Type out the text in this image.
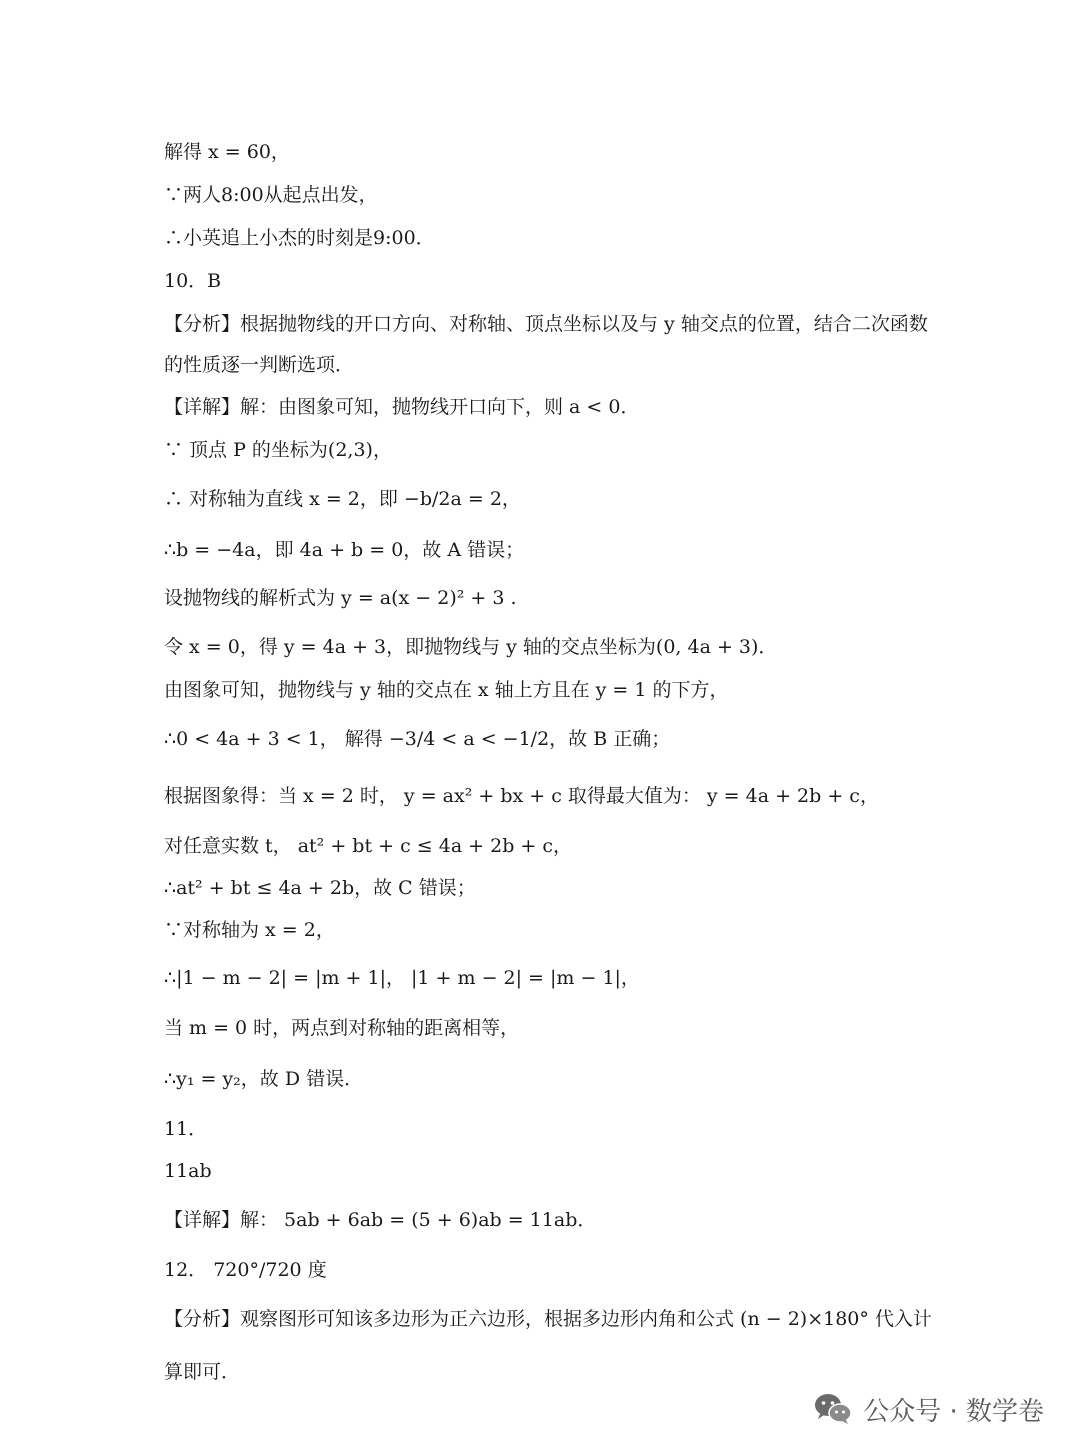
解得 x = 60，
∵两人8:00从起点出发，
∴小英追上小杰的时刻是9:00．
10．B
【分析】根据抛物线的开口方向、对称轴、顶点坐标以及与 y 轴交点的位置，结合二次函数
的性质逐一判断选项．
【详解】解：由图象可知，抛物线开口向下，则 a < 0．
∵ 顶点 P 的坐标为(2,3)，
∴ 对称轴为直线 x = 2，即 −b/2a = 2，
∴b = −4a，即 4a + b = 0，故 A 错误；
设抛物线的解析式为 y = a(x − 2)² + 3 .
令 x = 0，得 y = 4a + 3，即抛物线与 y 轴的交点坐标为(0, 4a + 3)．
由图象可知，抛物线与 y 轴的交点在 x 轴上方且在 y = 1 的下方，
∴0 < 4a + 3 < 1， 解得 −3/4 < a < −1/2，故 B 正确；
根据图象得：当 x = 2 时， y = ax² + bx + c 取得最大值为： y = 4a + 2b + c，
对任意实数 t， at² + bt + c ≤ 4a + 2b + c，
∴at² + bt ≤ 4a + 2b，故 C 错误；
∵对称轴为 x = 2，
∴|1 − m − 2| = |m + 1|， |1 + m − 2| = |m − 1|，
当 m = 0 时，两点到对称轴的距离相等，
∴y₁ = y₂，故 D 错误．
11．
11ab
【详解】解： 5ab + 6ab = (5 + 6)ab = 11ab．
12． 720°/720 度
【分析】观察图形可知该多边形为正六边形，根据多边形内角和公式 (n − 2)×180° 代入计
算即可．
公众号 · 数学卷
